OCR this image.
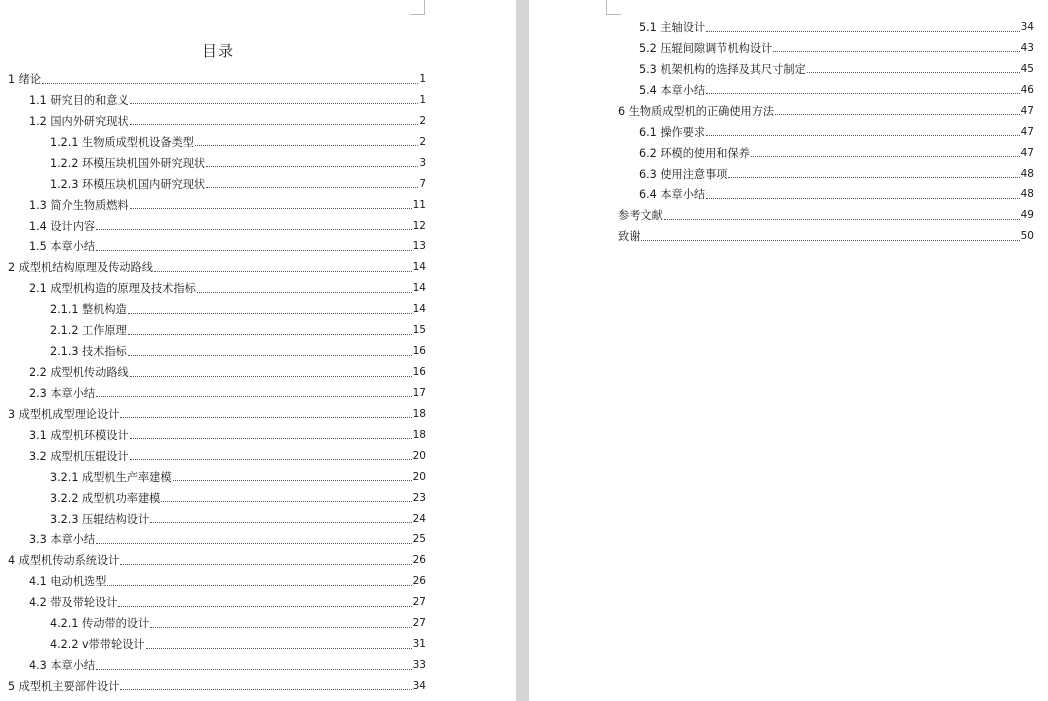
目录
1 绪论	1
1.1 研究目的和意义	1
1.2 国内外研究现状	2
1.2.1 生物质成型机设备类型	2
1.2.2 环模压块机国外研究现状	3
1.2.3 环模压块机国内研究现状	7
1.3 简介生物质燃料	11
1.4 设计内容	12
1.5 本章小结	13
2 成型机结构原理及传动路线	14
2.1 成型机构造的原理及技术指标	14
2.1.1 整机构造	14
2.1.2 工作原理	15
2.1.3 技术指标	16
2.2 成型机传动路线	16
2.3 本章小结	17
3 成型机成型理论设计	18
3.1 成型机环模设计	18
3.2 成型机压辊设计	20
3.2.1 成型机生产率建模	20
3.2.2 成型机功率建模	23
3.2.3 压辊结构设计	24
3.3 本章小结	25
4 成型机传动系统设计	26
4.1 电动机选型	26
4.2 带及带轮设计	27
4.2.1 传动带的设计	27
4.2.2 v带带轮设计	31
4.3 本章小结	33
5 成型机主要部件设计	34
5.1 主轴设计	34
5.2 压辊间隙调节机构设计	43
5.3 机架机构的选择及其尺寸制定	45
5.4 本章小结	46
6 生物质成型机的正确使用方法	47
6.1 操作要求	47
6.2 环模的使用和保养	47
6.3 使用注意事项	48
6.4 本章小结	48
参考文献	49
致谢	50
